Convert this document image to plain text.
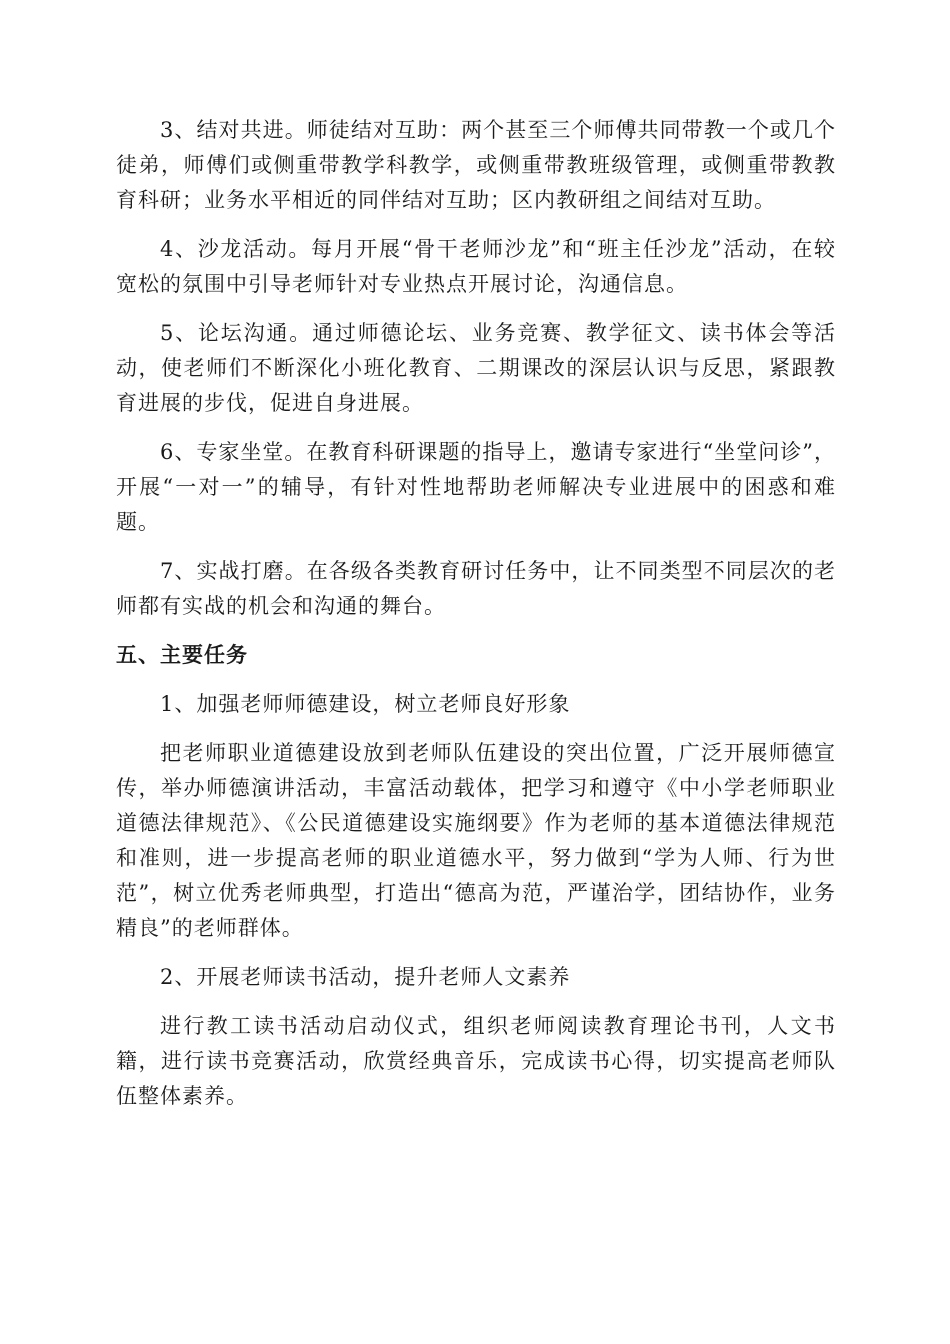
3、结对共进。师徒结对互助：两个甚至三个师傅共同带教一个或几个徒弟，师傅们或侧重带教学科教学，或侧重带教班级管理，或侧重带教教育科研；业务水平相近的同伴结对互助；区内教研组之间结对互助。

4、沙龙活动。每月开展“骨干老师沙龙”和“班主任沙龙”活动，在较宽松的氛围中引导老师针对专业热点开展讨论，沟通信息。

5、论坛沟通。通过师德论坛、业务竞赛、教学征文、读书体会等活动，使老师们不断深化小班化教育、二期课改的深层认识与反思，紧跟教育进展的步伐，促进自身进展。

6、专家坐堂。在教育科研课题的指导上，邀请专家进行“坐堂问诊”，开展“一对一”的辅导，有针对性地帮助老师解决专业进展中的困惑和难题。

7、实战打磨。在各级各类教育研讨任务中，让不同类型不同层次的老师都有实战的机会和沟通的舞台。

五、主要任务

1、加强老师师德建设，树立老师良好形象

把老师职业道德建设放到老师队伍建设的突出位置，广泛开展师德宣传，举办师德演讲活动，丰富活动载体，把学习和遵守《中小学老师职业道德法律规范》、《公民道德建设实施纲要》作为老师的基本道德法律规范和准则，进一步提高老师的职业道德水平，努力做到“学为人师、行为世范”，树立优秀老师典型，打造出“德高为范，严谨治学，团结协作，业务精良”的老师群体。

2、开展老师读书活动，提升老师人文素养

进行教工读书活动启动仪式，组织老师阅读教育理论书刊，人文书籍，进行读书竞赛活动，欣赏经典音乐，完成读书心得，切实提高老师队伍整体素养。
